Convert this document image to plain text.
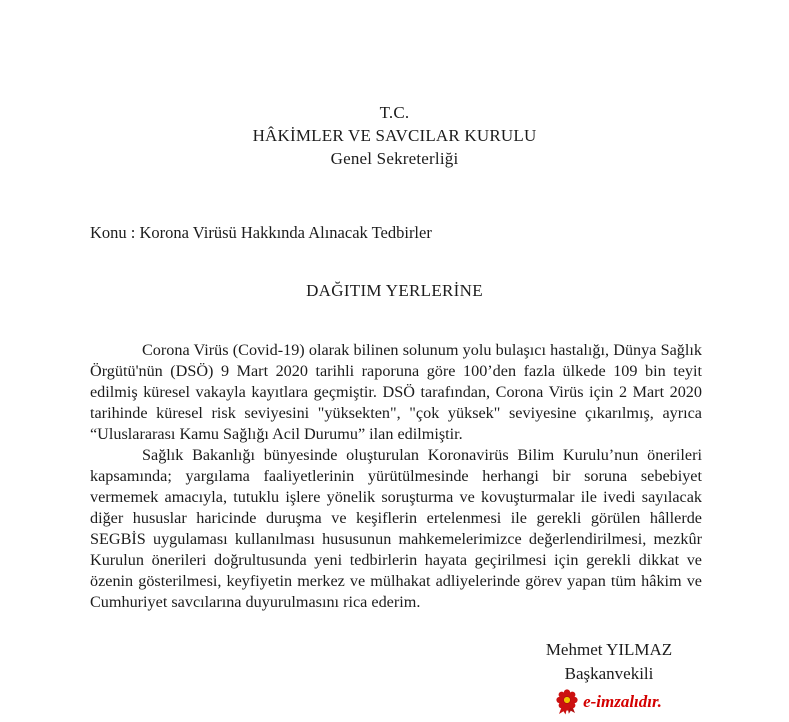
T.C.
HÂKİMLER VE SAVCILAR KURULU
Genel Sekreterliği
Konu : Korona Virüsü Hakkında Alınacak Tedbirler
DAĞITIM YERLERİNE

Corona Virüs (Covid-19) olarak bilinen solunum yolu bulaşıcı hastalığı, Dünya Sağlık Örgütü'nün (DSÖ) 9 Mart 2020 tarihli raporuna göre 100’den fazla ülkede 109 bin teyit edilmiş küresel vakayla kayıtlara geçmiştir. DSÖ tarafından, Corona Virüs için 2 Mart 2020 tarihinde küresel risk seviyesini "yüksekten", "çok yüksek" seviyesine çıkarılmış, ayrıca “Uluslararası Kamu Sağlığı Acil Durumu” ilan edilmiştir.

Sağlık Bakanlığı bünyesinde oluşturulan Koronavirüs Bilim Kurulu’nun önerileri kapsamında; yargılama faaliyetlerinin yürütülmesinde herhangi bir soruna sebebiyet vermemek amacıyla, tutuklu işlere yönelik soruşturma ve kovuşturmalar ile ivedi sayılacak diğer hususlar haricinde duruşma ve keşiflerin ertelenmesi ile gerekli görülen hâllerde SEGBİS uygulaması kullanılması hususunun mahkemelerimizce değerlendirilmesi, mezkûr Kurulun önerileri doğrultusunda yeni tedbirlerin hayata geçirilmesi için gerekli dikkat ve özenin gösterilmesi, keyfiyetin merkez ve mülhakat adliyelerinde görev yapan tüm hâkim ve Cumhuriyet savcılarına duyurulmasını rica ederim.

Mehmet YILMAZ
Başkanvekili
e-imzalıdır.
